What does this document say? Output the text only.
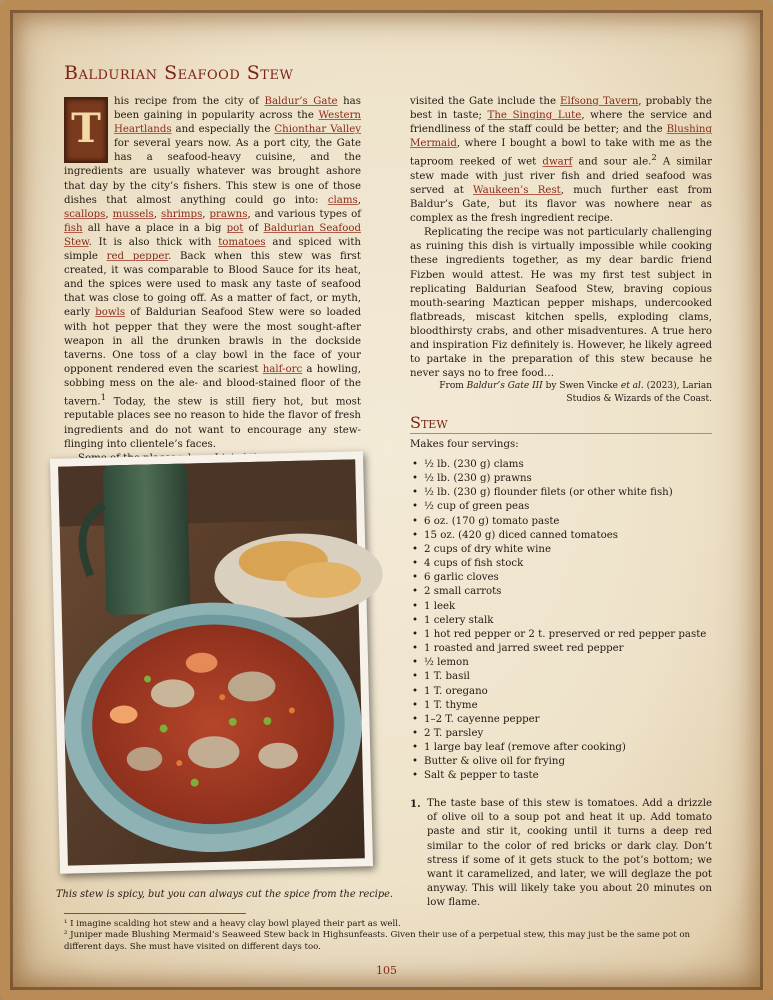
Baldurian Seafood Stew
T

his recipe from the city of Baldur’s Gate has been gaining in popularity across the Western Heartlands and especially the Chionthar Valley for several years now. As a port city, the Gate has a seafood-heavy cuisine, and the ingredients are usually whatever was brought ashore that day by the city’s fishers. This stew is one of those dishes that almost anything could go into: clams, scallops, mussels, shrimps, prawns, and various types of fish all have a place in a big pot of Baldurian Seafood Stew. It is also thick with tomatoes and spiced with simple red pepper. Back when this stew was first created, it was comparable to Blood Sauce for its heat, and the spices were used to mask any taste of seafood that was close to going off. As a matter of fact, or myth, early bowls of Baldurian Seafood Stew were so loaded with hot pepper that they were the most sought-after weapon in all the drunken brawls in the dockside taverns. One toss of a clay bowl in the face of your opponent rendered even the scariest half-orc a howling, sobbing mess on the ale- and blood-stained floor of the tavern.$^1$ Today, the stew is still fiery hot, but most reputable places see no reason to hide the flavor of fresh ingredients and do not want to encourage any stew-flinging into clientele’s faces.

visited the Gate include the Elfsong Tavern, probably the best in taste; The Singing Lute, where the service and friendliness of the staff could be better; and the Blushing Mermaid, where I bought a bowl to take with me as the taproom reeked of wet dwarf and sour ale.$^2$ A similar stew made with just river fish and dried seafood was served at Waukeen’s Rest, much further east from Baldur’s Gate, but its flavor was nowhere near as complex as the fresh ingredient recipe.

Replicating the recipe was not particularly challenging as ruining this dish is virtually impossible while cooking these ingredients together, as my dear bardic friend Fizben would attest. He was my first test subject in replicating Baldurian Seafood Stew, braving copious mouth-searing Maztican pepper mishaps, undercooked flatbreads, miscast kitchen spells, exploding clams, bloodthirsty crabs, and other misadventures. A true hero and inspiration Fiz definitely is. However, he likely agreed to partake in the preparation of this stew because he never says no to free food…

From Baldur’s Gate III by Swen Vincke et al. (2023), Larian Studios & Wizards of the Coast.
Stew
Makes four servings:
• ½ lb. (230 g) clams
• ½ lb. (230 g) prawns
• ½ lb. (230 g) flounder filets (or other white fish)
• ½ cup of green peas
• 6 oz. (170 g) tomato paste
• 15 oz. (420 g) diced canned tomatoes
• 2 cups of dry white wine
• 4 cups of fish stock
• 6 garlic cloves
• 2 small carrots
• 1 leek
• 1 celery stalk
• 1 hot red pepper or 2 t. preserved or red pepper paste
• 1 roasted and jarred sweet red pepper
• ½ lemon
• 1 T. basil
• 1 T. oregano
• 1 T. thyme
• 1–2 T. cayenne pepper
• 2 T. parsley
• 1 large bay leaf (remove after cooking)
• Butter & olive oil for frying
• Salt & pepper to taste
1. The taste base of this stew is tomatoes. Add a drizzle of olive oil to a soup pot and heat it up. Add tomato paste and stir it, cooking until it turns a deep red similar to the color of red bricks or dark clay. Don’t stress if some of it gets stuck to the pot’s bottom; we want it caramelized, and later, we will deglaze the pot anyway. This will likely take you about 20 minutes on low flame.
This stew is spicy, but you can always cut the spice from the recipe.

¹ I imagine scalding hot stew and a heavy clay bowl played their part as well.

² Juniper made Blushing Mermaid’s Seaweed Stew back in Highsunfeasts. Given their use of a perpetual stew, this may just be the same pot on different days. She must have visited on different days too.

105
